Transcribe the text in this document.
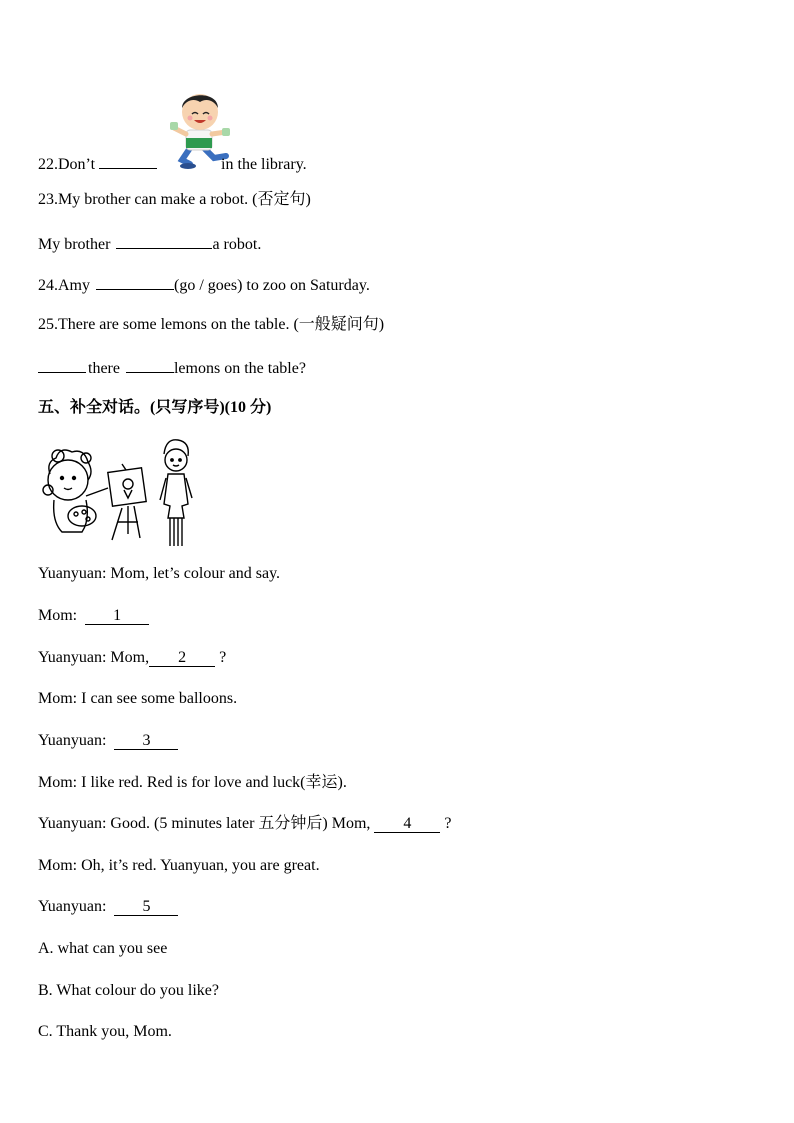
22.Don’t	in the library.
23.My brother can make a robot. (否定句)
My brother	a robot.
24.Amy	(go / goes) to zoo on Saturday.
25.There are some lemons on the table. (一般疑问句)
there	lemons on the table?
五、补全对话。(只写序号)(10 分)
Yuanyuan: Mom, let’s colour and say.
Mom: 1
Yuanyuan: Mom, 2 ?
Mom: I can see some balloons.
Yuanyuan: 3
Mom: I like red. Red is for love and luck(幸运).
Yuanyuan: Good. (5 minutes later 五分钟后) Mom, 4 ?
Mom: Oh, it’s red. Yuanyuan, you are great.
Yuanyuan: 5
A. what can you see
B. What colour do you like?
C. Thank you, Mom.
